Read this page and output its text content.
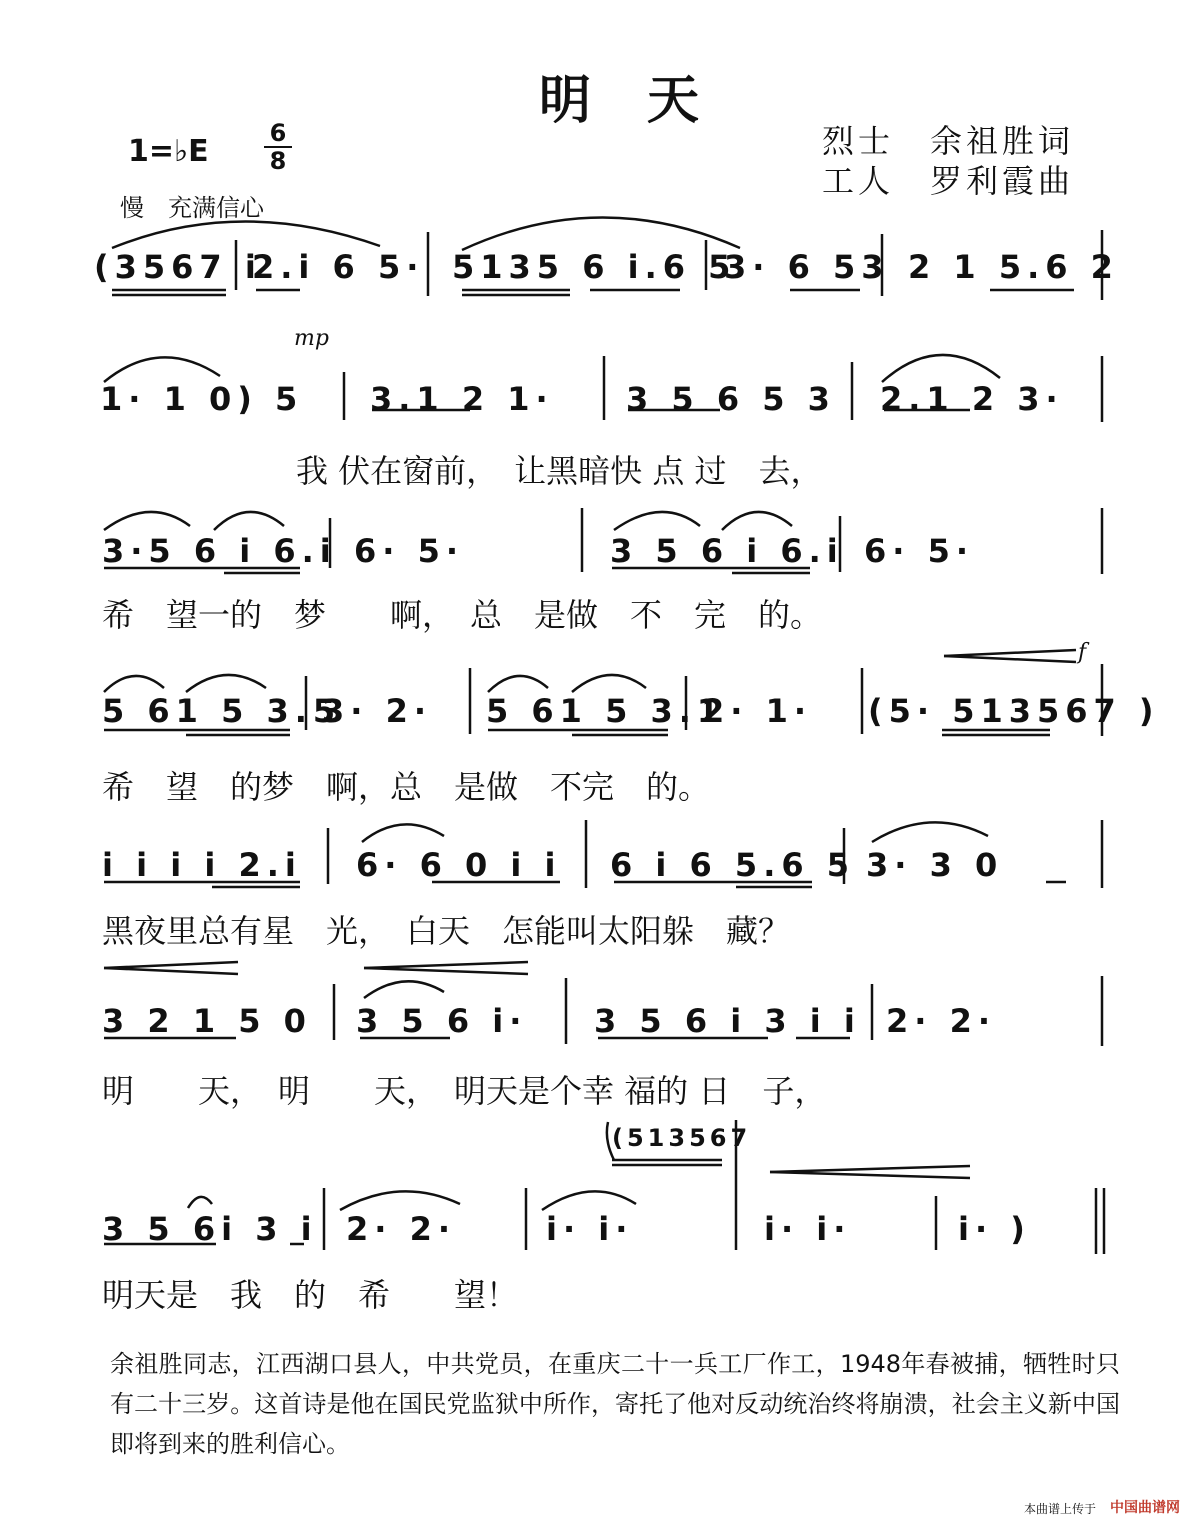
明　天
1=♭E
6
8
慢　充满信心
烈士　余祖胜词
工人　罗利霞曲
(3567 i
2.i 6 5· 5135 6 i.6 5
3· 6 53 2 1 5.6 2
mp
1· 1 0) 5 3.1 2 1· 3 5 6 5 3 2.1 2 3·
我 伏在窗前，　让黑暗快 点 过　去，
3·5 6 i 6.i 6· 5·	3 5 6 i 6.i 6· 5·
希　望一的　梦　　啊，　总　是做　不　完　的。
f
5 61 5 3.5
3· 2· 5 61 5 3.1
2· 1· (5· 513567 )
希　望　的梦　啊，总　是做　不完　的。
i i i i 2.i 6· 6 0 i i 6 i 6 5.6 5 3· 3 0
黑夜里总有星　光，　白天　怎能叫太阳躲　藏？
3 2 1 5 0 3 5 6 i· 3 5 6 i 3 i i 2· 2·
明　　天，　明　　天，　明天是个幸 福的 日　子，
(513567
3 5 6i 3 i 2· 2·	i· i·	i· i·	i· )
明天是　我　的　希　　望！
余祖胜同志，江西湖口县人，中共党员，在重庆二十一兵工厂作工，1948年春被捕，牺牲时只有二十三岁。这首诗是他在国民党监狱中所作，寄托了他对反动统治终将崩溃，社会主义新中国即将到来的胜利信心。
本曲谱上传于 中国曲谱网
